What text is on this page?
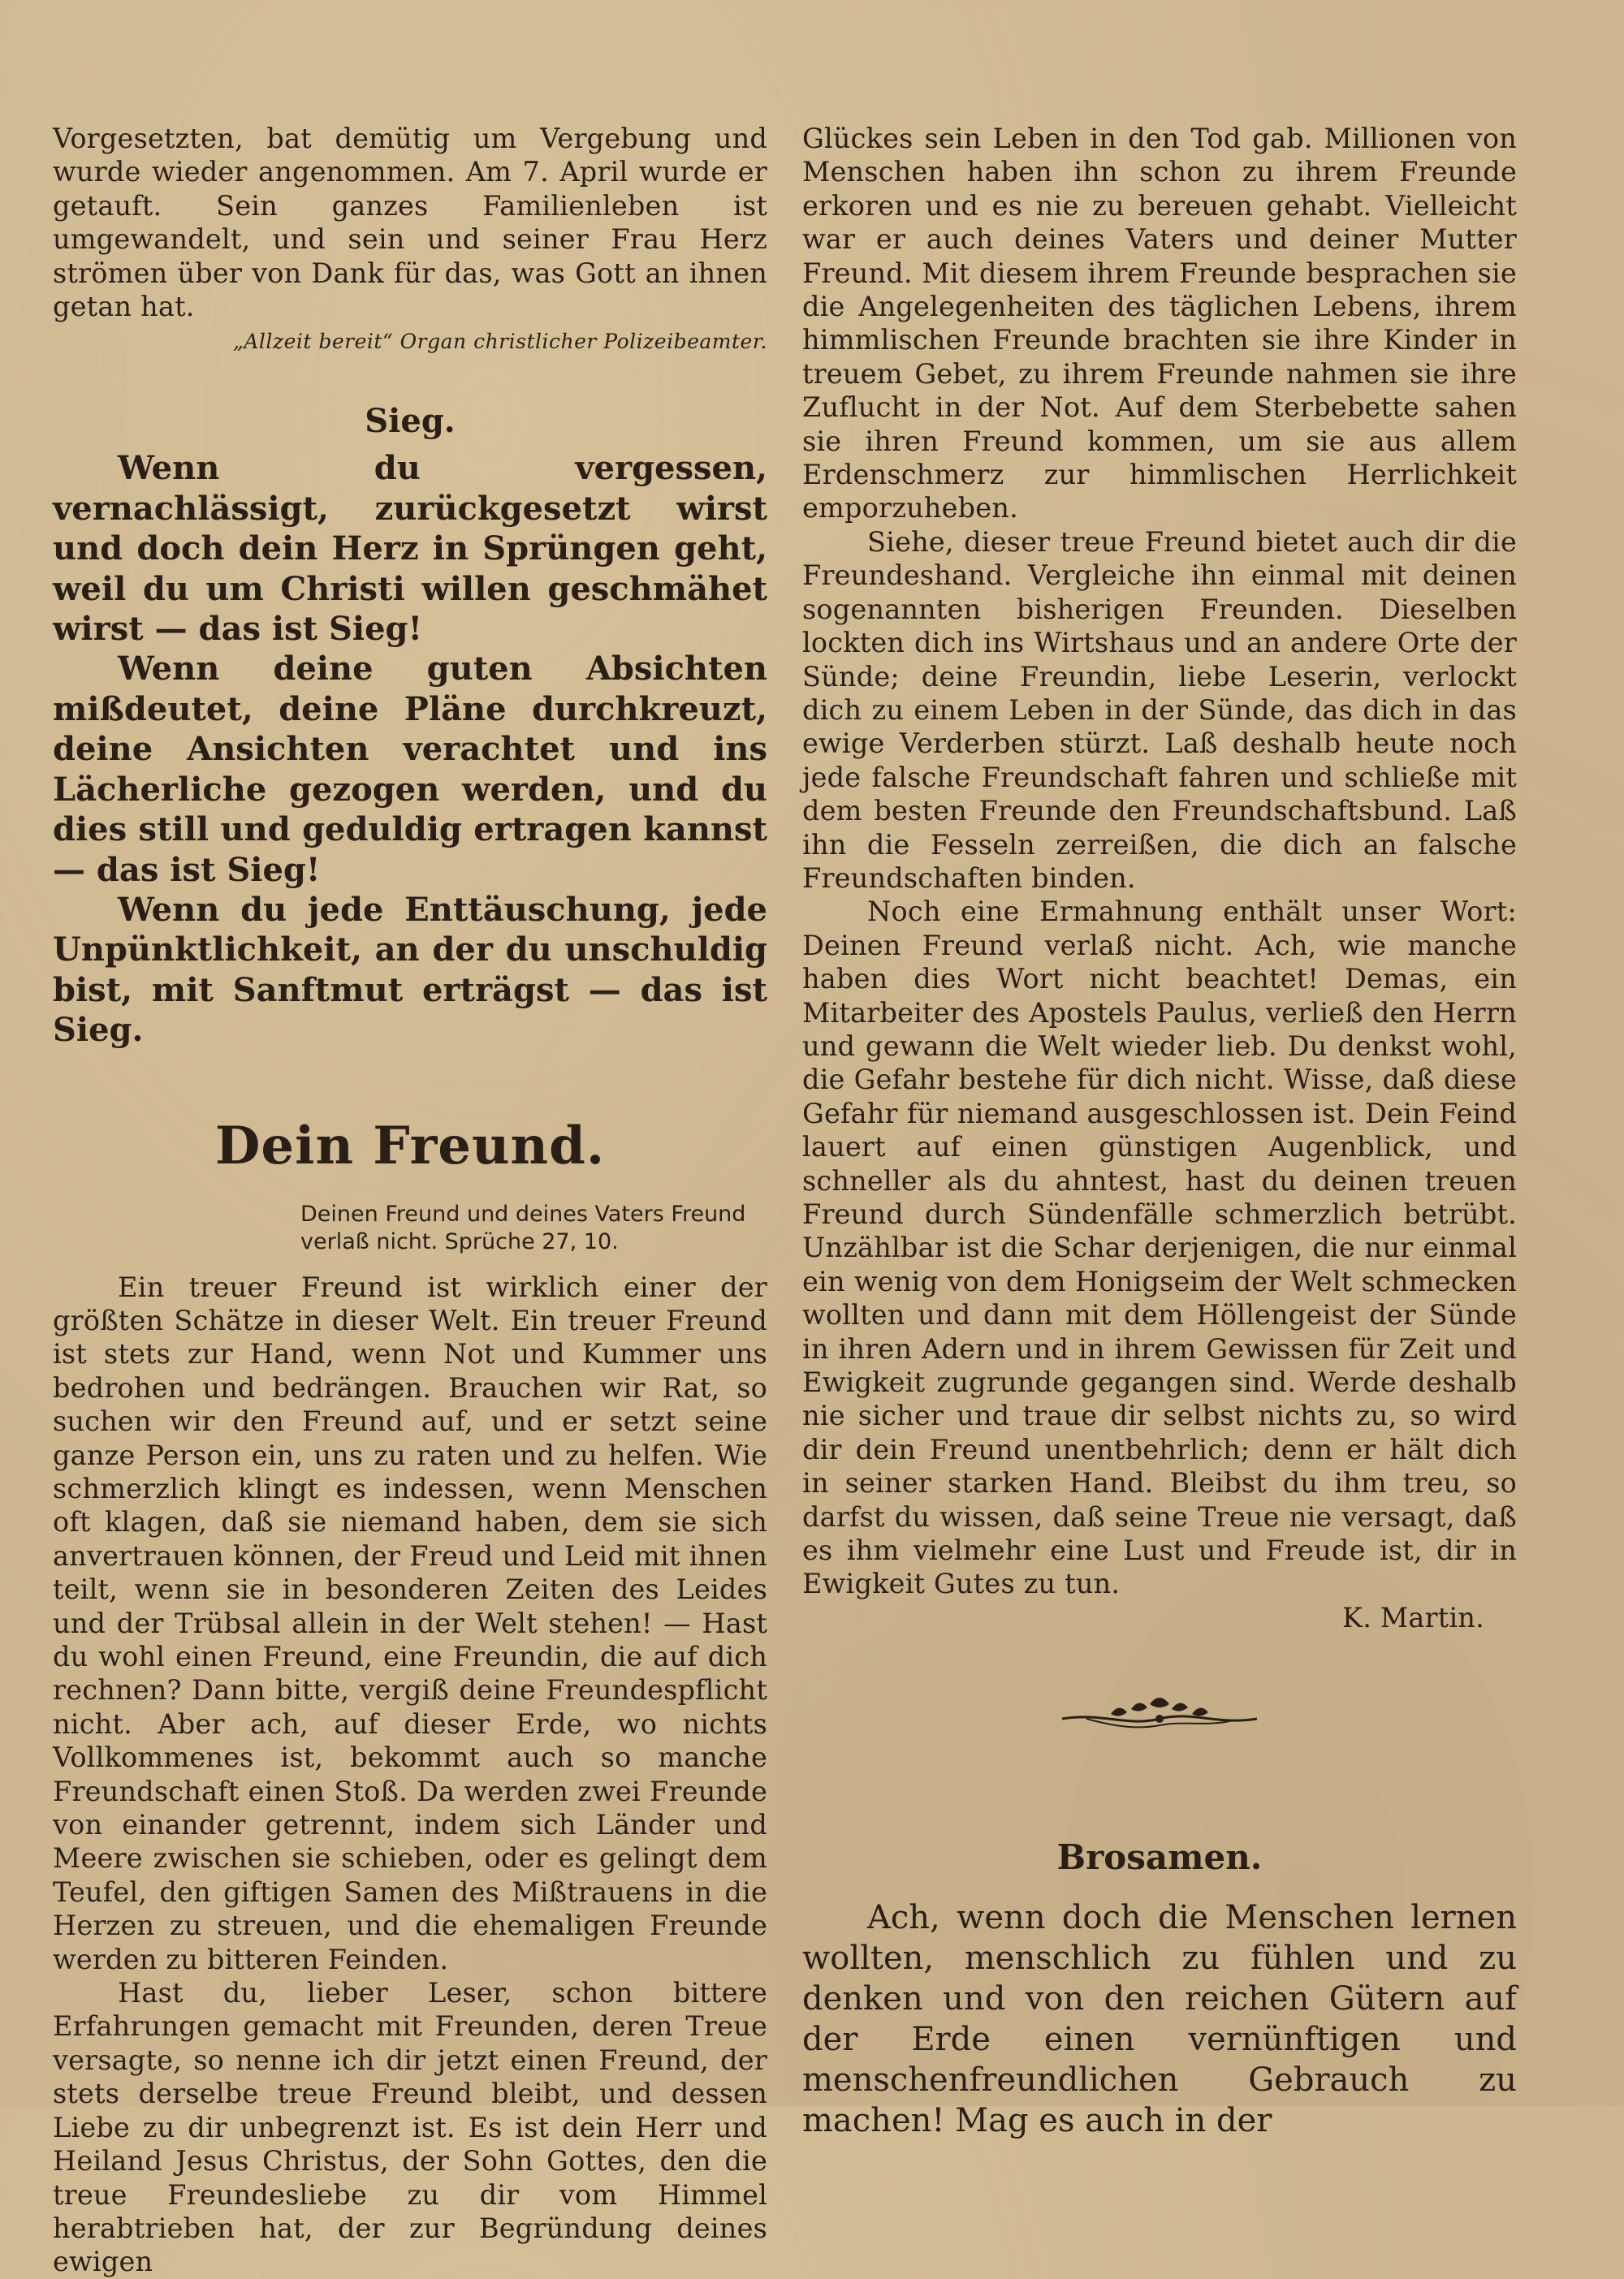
Vorgesetzten, bat demütig um Vergebung und wurde wieder angenommen. Am 7. April wurde er getauft. Sein ganzes Familienleben ist umgewandelt, und sein und seiner Frau Herz strömen über von Dank für das, was Gott an ihnen getan hat.

„Allzeit bereit“ Organ christlicher Polizeibeamter.

Sieg.

Wenn du vergessen, vernachlässigt, zurückgesetzt wirst und doch dein Herz in Sprüngen geht, weil du um Christi willen geschmähet wirst — das ist Sieg!

Wenn deine guten Absichten mißdeutet, deine Pläne durchkreuzt, deine Ansichten verachtet und ins Lächerliche gezogen werden, und du dies still und geduldig ertragen kannst — das ist Sieg!

Wenn du jede Enttäuschung, jede Unpünktlichkeit, an der du unschuldig bist, mit Sanftmut erträgst — das ist Sieg.

Dein Freund.

Deinen Freund und deines Vaters Freund verlaß nicht. Sprüche 27, 10.

Ein treuer Freund ist wirklich einer der größten Schätze in dieser Welt. Ein treuer Freund ist stets zur Hand, wenn Not und Kummer uns bedrohen und bedrängen. Brauchen wir Rat, so suchen wir den Freund auf, und er setzt seine ganze Person ein, uns zu raten und zu helfen. Wie schmerzlich klingt es indessen, wenn Menschen oft klagen, daß sie niemand haben, dem sie sich anvertrauen können, der Freud und Leid mit ihnen teilt, wenn sie in besonderen Zeiten des Leides und der Trübsal allein in der Welt stehen! — Hast du wohl einen Freund, eine Freundin, die auf dich rechnen? Dann bitte, vergiß deine Freundespflicht nicht. Aber ach, auf dieser Erde, wo nichts Vollkommenes ist, bekommt auch so manche Freundschaft einen Stoß. Da werden zwei Freunde von einander getrennt, indem sich Länder und Meere zwischen sie schieben, oder es gelingt dem Teufel, den giftigen Samen des Mißtrauens in die Herzen zu streuen, und die ehemaligen Freunde werden zu bitteren Feinden.

Hast du, lieber Leser, schon bittere Erfahrungen gemacht mit Freunden, deren Treue versagte, so nenne ich dir jetzt einen Freund, der stets derselbe treue Freund bleibt, und dessen Liebe zu dir unbegrenzt ist. Es ist dein Herr und Heiland Jesus Christus, der Sohn Gottes, den die treue Freundesliebe zu dir vom Himmel herabtrieben hat, der zur Begründung deines ewigen

Glückes sein Leben in den Tod gab. Millionen von Menschen haben ihn schon zu ihrem Freunde erkoren und es nie zu bereuen gehabt. Vielleicht war er auch deines Vaters und deiner Mutter Freund. Mit diesem ihrem Freunde besprachen sie die Angelegenheiten des täglichen Lebens, ihrem himmlischen Freunde brachten sie ihre Kinder in treuem Gebet, zu ihrem Freunde nahmen sie ihre Zuflucht in der Not. Auf dem Sterbebette sahen sie ihren Freund kommen, um sie aus allem Erdenschmerz zur himmlischen Herrlichkeit emporzuheben.

Siehe, dieser treue Freund bietet auch dir die Freundeshand. Vergleiche ihn einmal mit deinen sogenannten bisherigen Freunden. Dieselben lockten dich ins Wirtshaus und an andere Orte der Sünde; deine Freundin, liebe Leserin, verlockt dich zu einem Leben in der Sünde, das dich in das ewige Verderben stürzt. Laß deshalb heute noch jede falsche Freundschaft fahren und schließe mit dem besten Freunde den Freundschaftsbund. Laß ihn die Fesseln zerreißen, die dich an falsche Freundschaften binden.

Noch eine Ermahnung enthält unser Wort: Deinen Freund verlaß nicht. Ach, wie manche haben dies Wort nicht beachtet! Demas, ein Mitarbeiter des Apostels Paulus, verließ den Herrn und gewann die Welt wieder lieb. Du denkst wohl, die Gefahr bestehe für dich nicht. Wisse, daß diese Gefahr für niemand ausgeschlossen ist. Dein Feind lauert auf einen günstigen Augenblick, und schneller als du ahntest, hast du deinen treuen Freund durch Sündenfälle schmerzlich betrübt. Unzählbar ist die Schar derjenigen, die nur einmal ein wenig von dem Honigseim der Welt schmecken wollten und dann mit dem Höllengeist der Sünde in ihren Adern und in ihrem Gewissen für Zeit und Ewigkeit zugrunde gegangen sind. Werde deshalb nie sicher und traue dir selbst nichts zu, so wird dir dein Freund unentbehrlich; denn er hält dich in seiner starken Hand. Bleibst du ihm treu, so darfst du wissen, daß seine Treue nie versagt, daß es ihm vielmehr eine Lust und Freude ist, dir in Ewigkeit Gutes zu tun.

K. Martin.

Brosamen.

Ach, wenn doch die Menschen lernen wollten, menschlich zu fühlen und zu denken und von den reichen Gütern auf der Erde einen vernünftigen und menschenfreundlichen Gebrauch zu machen! Mag es auch in der
